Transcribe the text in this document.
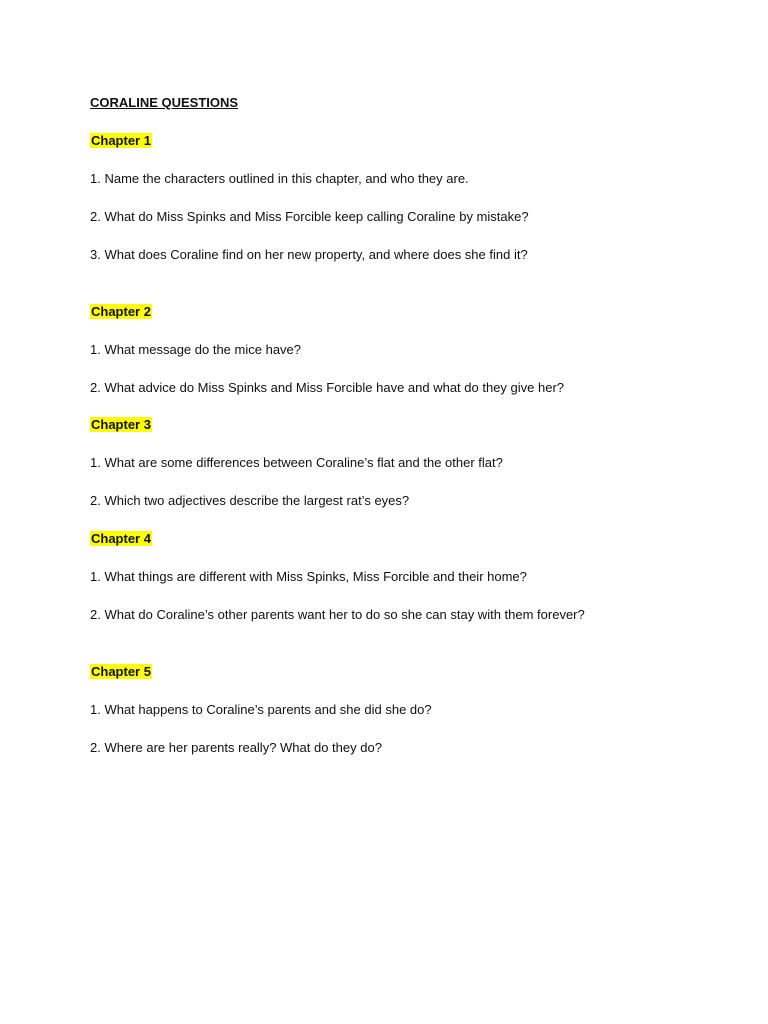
CORALINE QUESTIONS
Chapter 1
1. Name the characters outlined in this chapter, and who they are.
2. What do Miss Spinks and Miss Forcible keep calling Coraline by mistake?
3. What does Coraline find on her new property, and where does she find it?
Chapter 2
1. What message do the mice have?
2. What advice do Miss Spinks and Miss Forcible have and what do they give her?
Chapter 3
1. What are some differences between Coraline’s flat and the other flat?
2. Which two adjectives describe the largest rat’s eyes?
Chapter 4
1. What things are different with Miss Spinks, Miss Forcible and their home?
2. What do Coraline’s other parents want her to do so she can stay with them forever?
Chapter 5
1. What happens to Coraline’s parents and she did she do?
2. Where are her parents really? What do they do?
